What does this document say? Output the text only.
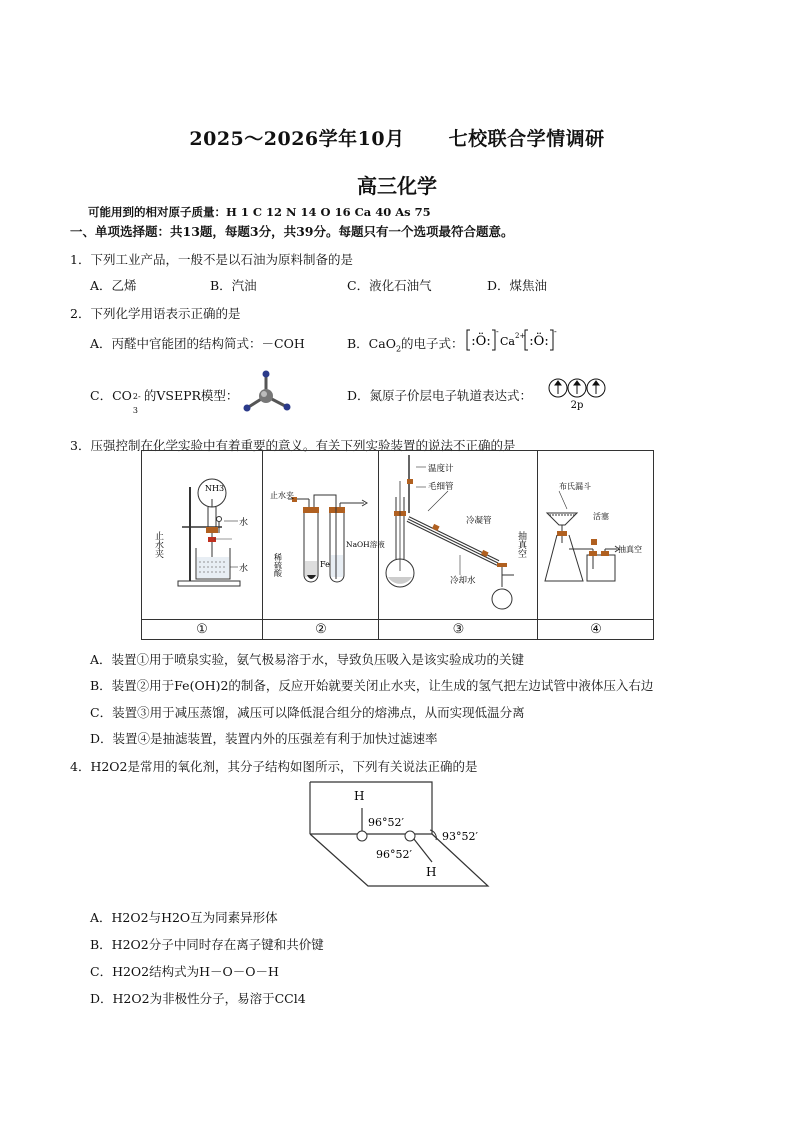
2025～2026学年10月 七校联合学情调研
高三化学
可能用到的相对原子质量：H 1 C 12 N 14 O 16 Ca 40 As 75
一、单项选择题：共13题，每题3分，共39分。每题只有一个选项最符合题意。
1．下列工业产品，一般不是以石油为原料制备的是
A．乙烯	B．汽油	C．液化石油气	D．煤焦油
2．下列化学用语表示正确的是
A．丙醛中官能团的结构简式：－COH	B．CaO$_2$的电子式： :Ö:
-
Ca 2+ :Ö:
-
C．CO 2-
3
的VSEPR模型：	D．氮原子价层电子轨道表达式：
2p
3．压强控制在化学实验中有着重要的意义。有关下列实验装置的说法不正确的是
NH3
水
止水夹
水
止水夹
稀硫酸	Fe
NaOH溶液
温度计
毛细管
冷凝管
冷却水
抽真空
布氏漏斗
活塞
抽真空
①	②	③	④
A．装置①用于喷泉实验，氨气极易溶于水，导致负压吸入是该实验成功的关键
B．装置②用于Fe(OH)2的制备，反应开始就要关闭止水夹，让生成的氢气把左边试管中液体压入右边
C．装置③用于减压蒸馏，减压可以降低混合组分的熔沸点，从而实现低温分离
D．装置④是抽滤装置，装置内外的压强差有利于加快过滤速率
4．H2O2是常用的氧化剂，其分子结构如图所示，下列有关说法正确的是
H
96°52′
93°52′
96°52′
H
A．H2O2与H2O互为同素异形体
B．H2O2分子中同时存在离子键和共价键
C．H2O2结构式为H－O－O－H
D．H2O2为非极性分子，易溶于CCl4
